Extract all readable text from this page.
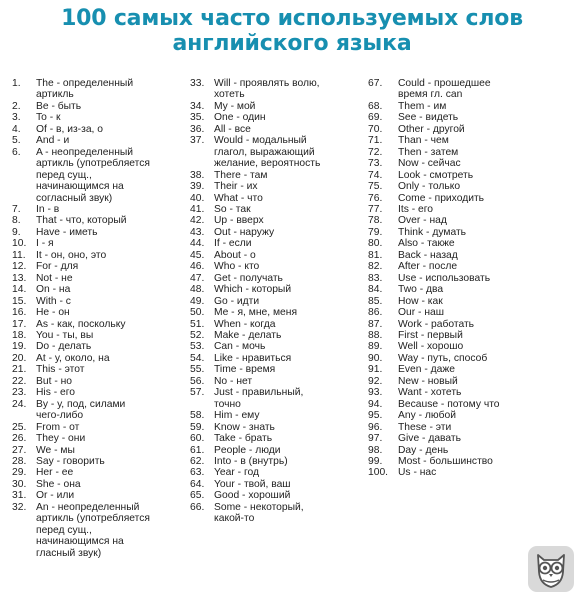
100 самых часто используемых слов
английского языка
1.	The - определенный
артикль
2.	Be - быть
3.	To - к
4.	Of - в, из-за, о
5.	And - и
6.	A - неопределенный
артикль (употребляется
перед сущ.,
начинающимся на
согласный звук)
7.	In - в
8.	That - что, который
9.	Have - иметь
10. I - я
11.	It - он, оно, это
12. For - для
13. Not - не
14. On - на
15. With - с
16. He - он
17. As - как, поскольку
18. You - ты, вы
19. Do - делать
20. At - у, около, на
21. This - этот
22. But - но
23. His - его
24. By - у, под, силами
чего-либо
25. From - от
26. They - они
27. We - мы
28. Say - говорить
29. Her - ее
30. She - она
31. Or - или
32. An - неопределенный
артикль (употребляется
перед сущ.,
начинающимся на
гласный звук)
33. Will - проявлять волю,
хотеть
34. My - мой
35. One - один
36. All - все
37. Would - модальный
глагол, выражающий
желание, вероятность
38. There - там
39. Their - их
40. What - что
41. So - так
42. Up - вверх
43. Out - наружу
44. If - если
45. About - о
46. Who - кто
47. Get - получать
48. Which - который
49. Go - идти
50. Me - я, мне, меня
51. When - когда
52. Make - делать
53. Can - мочь
54. Like - нравиться
55. Time - время
56. No - нет
57. Just - правильный,
точно
58. Him - ему
59. Know - знать
60. Take - брать
61. People - люди
62. Into - в (внутрь)
63. Year - год
64. Your - твой, ваш
65. Good - хороший
66. Some - некоторый,
какой-то
67.	Could - прошедшее
время гл. can
68.	Them - им
69.	See - видеть
70.	Other - другой
71.	Than - чем
72.	Then - затем
73.	Now - сейчас
74.	Look - смотреть
75.	Only - только
76.	Come - приходить
77.	Its - его
78.	Over - над
79.	Think - думать
80.	Also - также
81.	Back - назад
82.	After - после
83.	Use - использовать
84.	Two - два
85.	How - как
86.	Our - наш
87.	Work - работать
88.	First - первый
89.	Well - хорошо
90.	Way - путь, способ
91.	Even - даже
92.	New - новый
93.	Want - хотеть
94.	Because - потому что
95.	Any - любой
96.	These - эти
97.	Give - давать
98.	Day - день
99.	Most - большинство
100. Us - нас
